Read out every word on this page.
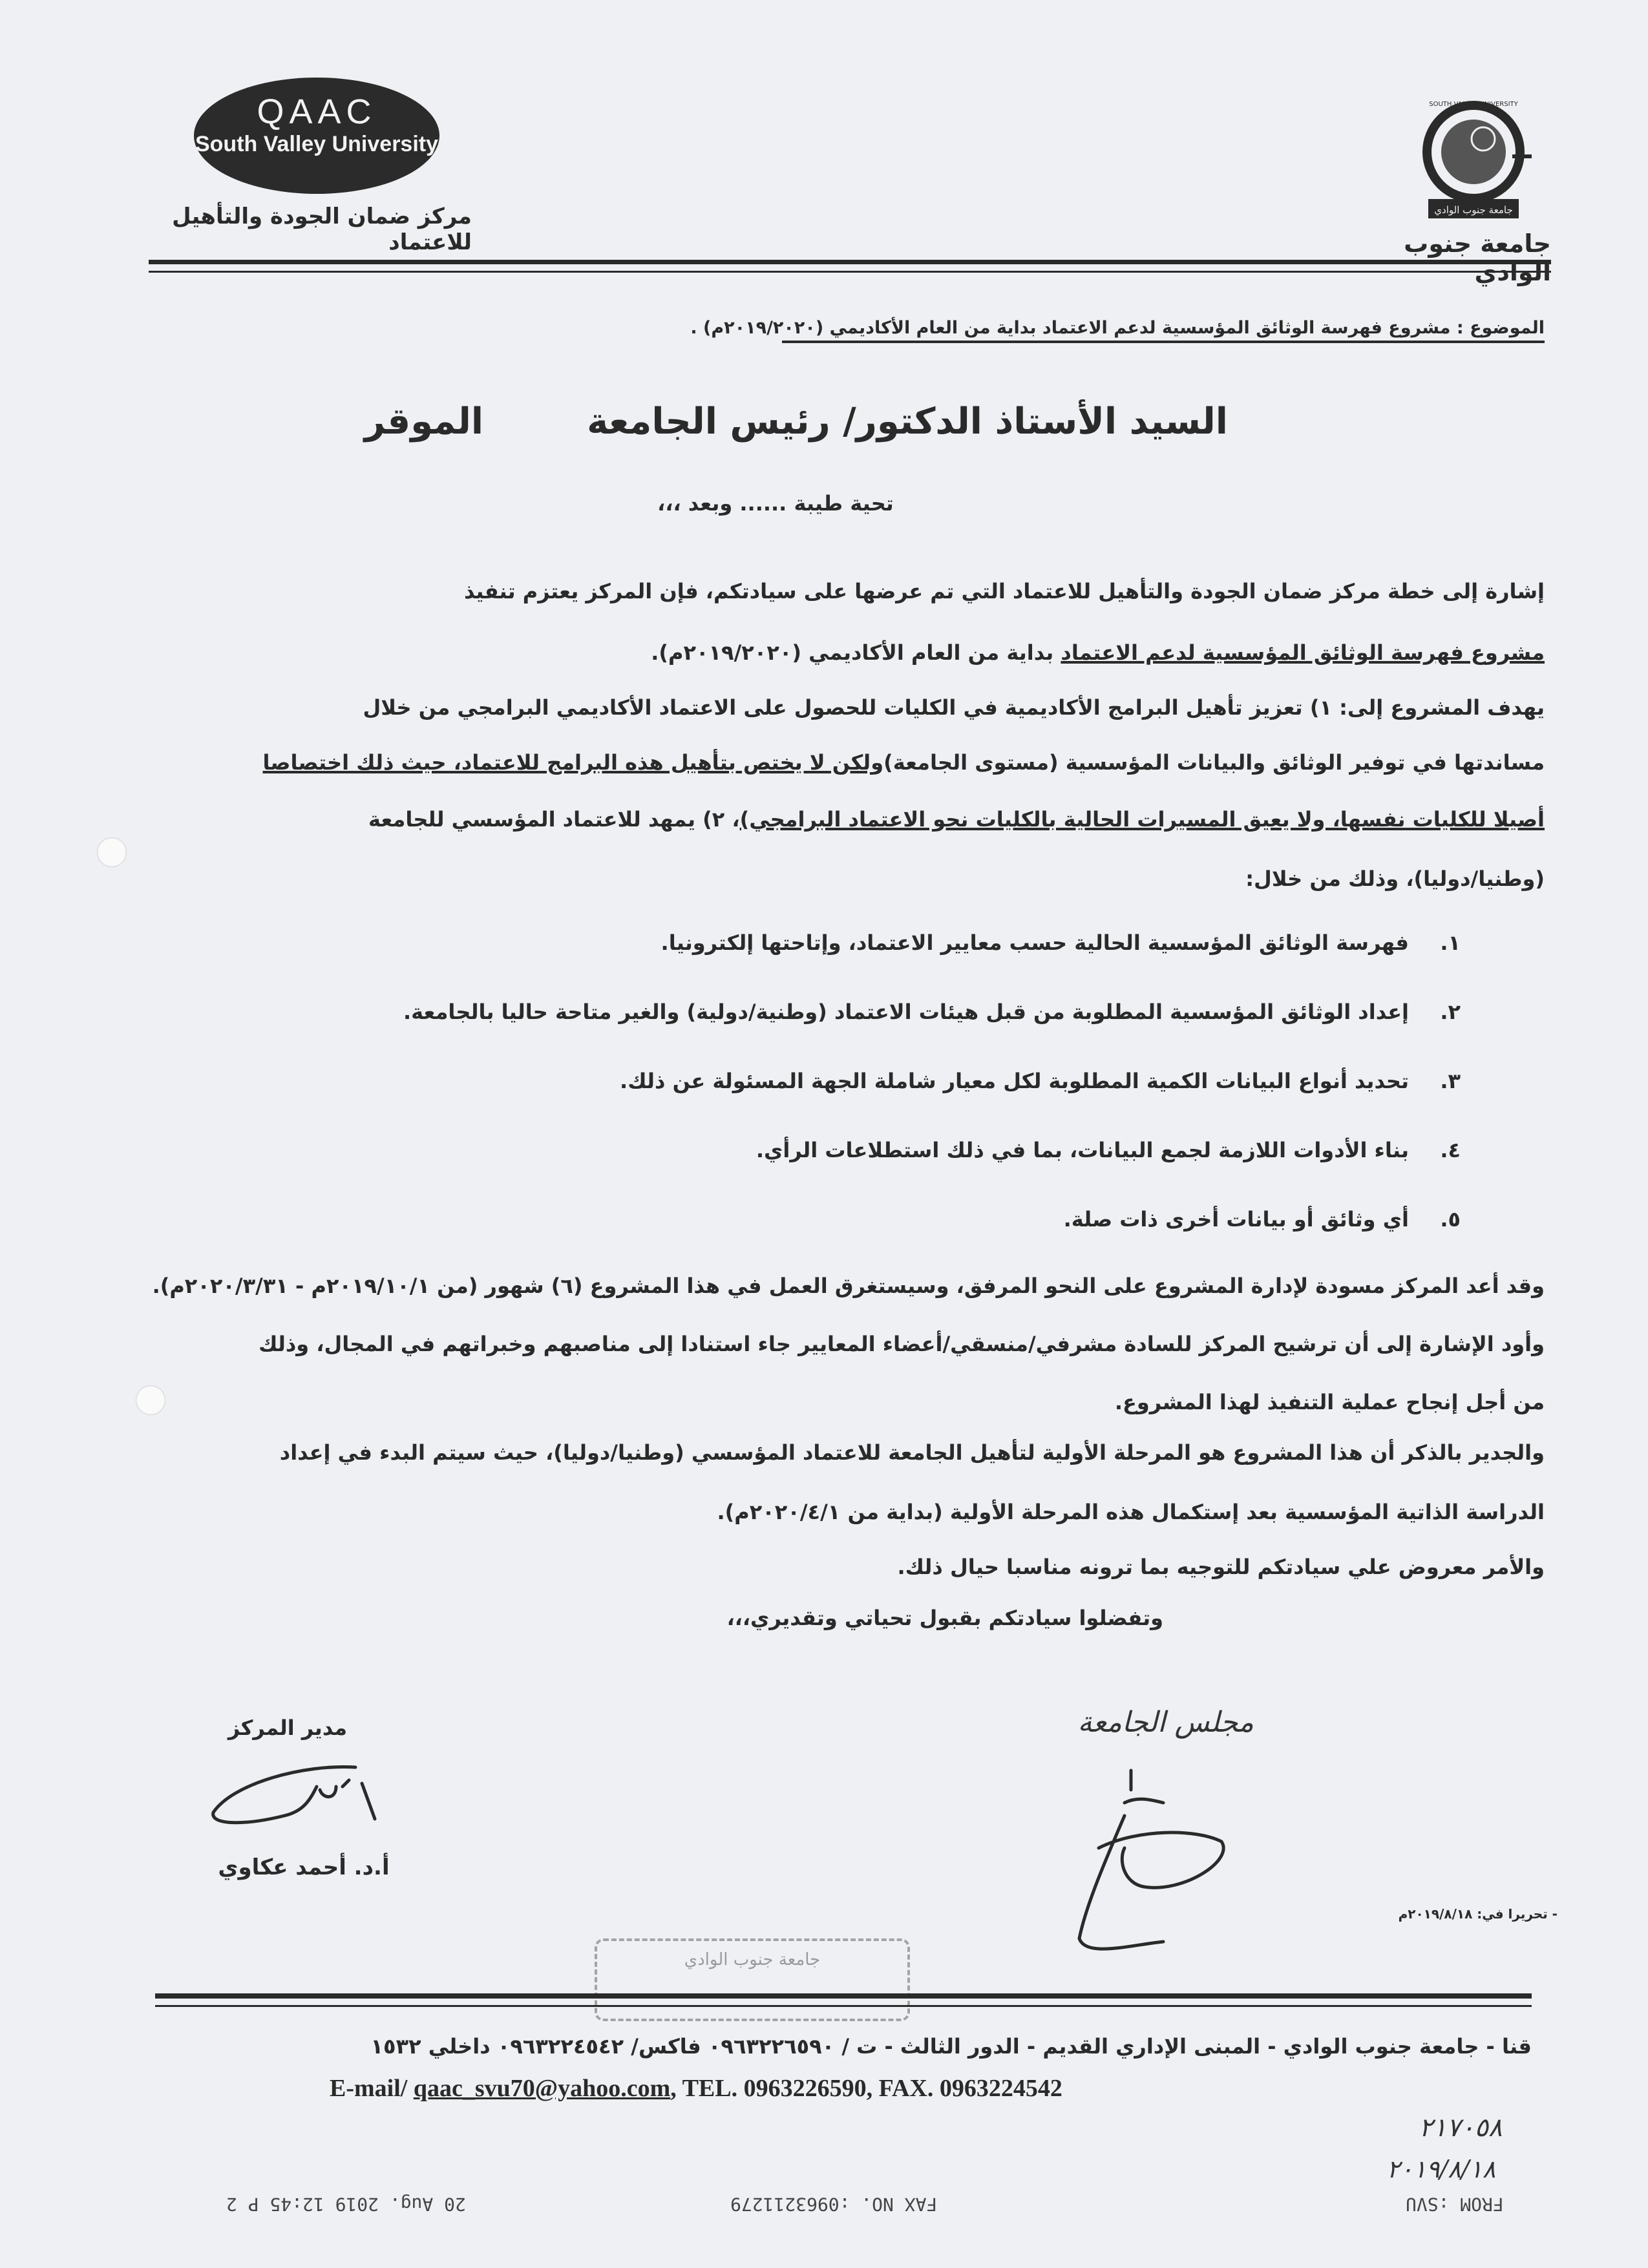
QAAC
South Valley University
مركز ضمان الجودة والتأهيل للاعتماد
جامعة جنوب الوادي
SOUTH VALLEY UNIVERSITY
جامعة جنوب الوادي
الموضوع : مشروع فهرسة الوثائق المؤسسية لدعم الاعتماد بداية من العام الأكاديمي (٢٠١٩/٢٠٢٠م) .
السيد الأستاذ الدكتور/ رئيس الجامعةالموقر
تحية طيبة ...... وبعد ،،،
إشارة إلى خطة مركز ضمان الجودة والتأهيل للاعتماد التي تم عرضها على سيادتكم، فإن المركز يعتزم تنفيذ
مشروع فهرسة الوثائق المؤسسية لدعم الاعتماد بداية من العام الأكاديمي (٢٠١٩/٢٠٢٠م).
يهدف المشروع إلى: ١) تعزيز تأهيل البرامج الأكاديمية في الكليات للحصول على الاعتماد الأكاديمي البرامجي من خلال
مساندتها في توفير الوثائق والبيانات المؤسسية (مستوى الجامعة)ولكن لا يختص بتأهيل هذه البرامج للاعتماد، حيث ذلك اختصاصا
أصيلا للكليات نفسها، ولا يعيق المسيرات الحالية بالكليات نحو الاعتماد البرامجي)، ٢) يمهد للاعتماد المؤسسي للجامعة
(وطنيا/دوليا)، وذلك من خلال:
١.فهرسة الوثائق المؤسسية الحالية حسب معايير الاعتماد، وإتاحتها إلكترونيا.
٢.إعداد الوثائق المؤسسية المطلوبة من قبل هيئات الاعتماد (وطنية/دولية) والغير متاحة حاليا بالجامعة.
٣.تحديد أنواع البيانات الكمية المطلوبة لكل معيار شاملة الجهة المسئولة عن ذلك.
٤.بناء الأدوات اللازمة لجمع البيانات، بما في ذلك استطلاعات الرأي.
٥.أي وثائق أو بيانات أخرى ذات صلة.
وقد أعد المركز مسودة لإدارة المشروع على النحو المرفق، وسيستغرق العمل في هذا المشروع (٦) شهور (من ٢٠١٩/١٠/١م - ٢٠٢٠/٣/٣١م).
وأود الإشارة إلى أن ترشيح المركز للسادة مشرفي/منسقي/أعضاء المعايير جاء استنادا إلى مناصبهم وخبراتهم في المجال، وذلك
من أجل إنجاح عملية التنفيذ لهذا المشروع.
والجدير بالذكر أن هذا المشروع هو المرحلة الأولية لتأهيل الجامعة للاعتماد المؤسسي (وطنيا/دوليا)، حيث سيتم البدء في إعداد
الدراسة الذاتية المؤسسية بعد إستكمال هذه المرحلة الأولية (بداية من ٢٠٢٠/٤/١م).
والأمر معروض علي سيادتكم للتوجيه بما ترونه مناسبا حيال ذلك.
وتفضلوا سيادتكم بقبول تحياتي وتقديري،،،
مدير المركز
أ.د. أحمد عكاوي
مجلس الجامعة
جامعة جنوب الوادي
- تحريرا في: ٢٠١٩/٨/١٨م
قنا - جامعة جنوب الوادي - المبنى الإداري القديم - الدور الثالث - ت / ٠٩٦٣٢٢٦٥٩٠ فاكس/ ٠٩٦٣٢٢٤٥٤٢ داخلي ١٥٣٢
E-mail/ qaac_svu70@yahoo.com, TEL. 0963226590, FAX. 0963224542
٢١٧٠٥٨
٢٠١٩/٨/١٨
FROM :SVU
FAX NO. :0963211279
20 Aug. 2019 12:45 P 2
